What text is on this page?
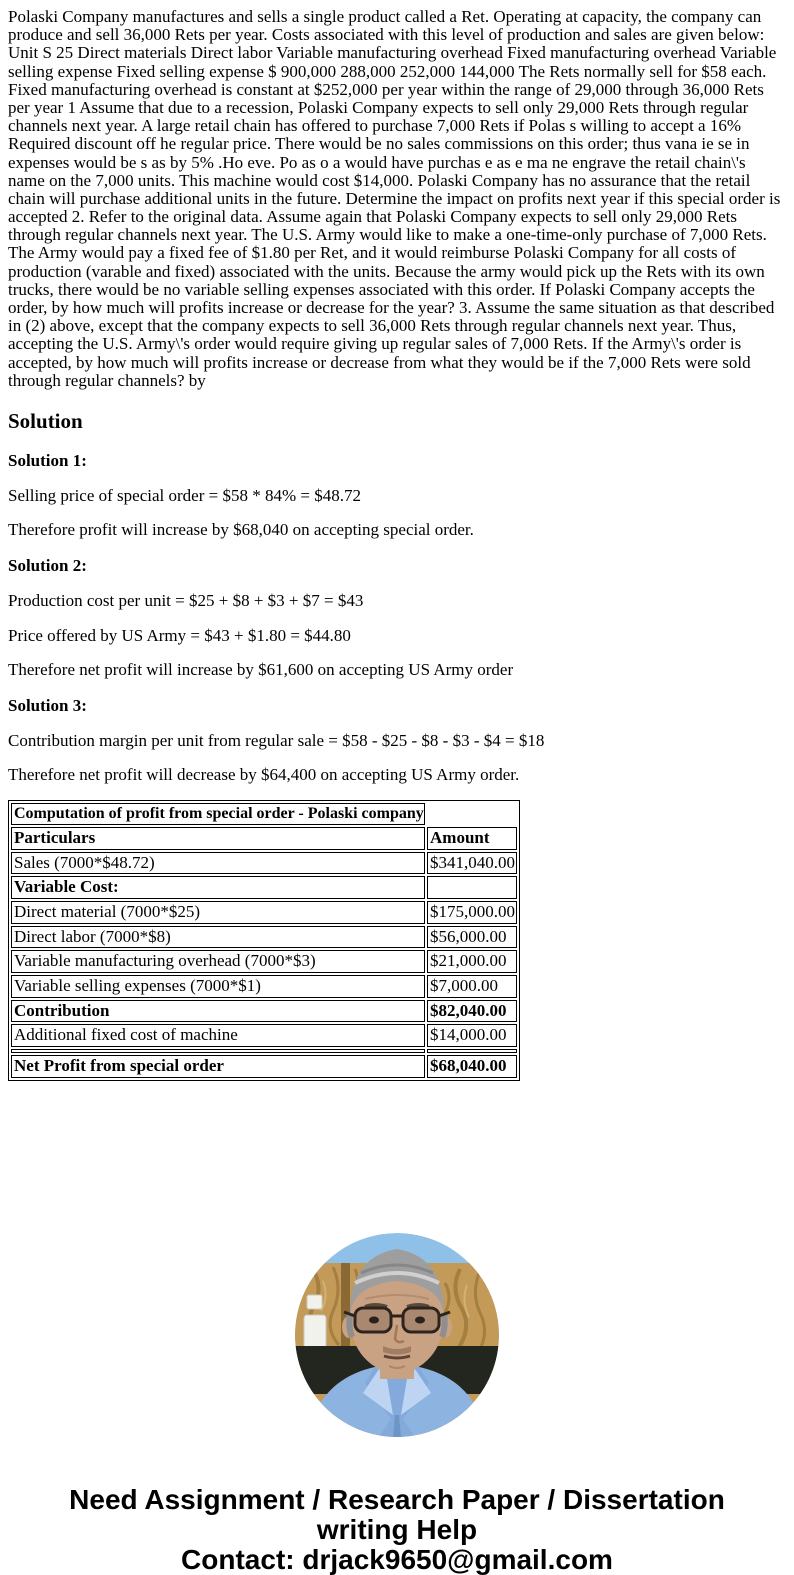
Polaski Company manufactures and sells a single product called a Ret. Operating at capacity, the company can produce and sell 36,000 Rets per year. Costs associated with this level of production and sales are given below: Unit S 25 Direct materials Direct labor Variable manufacturing overhead Fixed manufacturing overhead Variable selling expense Fixed selling expense $ 900,000 288,000 252,000 144,000 The Rets normally sell for $58 each. Fixed manufacturing overhead is constant at $252,000 per year within the range of 29,000 through 36,000 Rets per year 1 Assume that due to a recession, Polaski Company expects to sell only 29,000 Rets through regular channels next year. A large retail chain has offered to purchase 7,000 Rets if Polas s willing to accept a 16% Required discount off he regular price. There would be no sales commissions on this order; thus vana ie se in expenses would be s as by 5% .Ho eve. Po as o a would have purchas e as e ma ne engrave the retail chain\'s name on the 7,000 units. This machine would cost $14,000. Polaski Company has no assurance that the retail chain will purchase additional units in the future. Determine the impact on profits next year if this special order is accepted 2. Refer to the original data. Assume again that Polaski Company expects to sell only 29,000 Rets through regular channels next year. The U.S. Army would like to make a one-time-only purchase of 7,000 Rets. The Army would pay a fixed fee of $1.80 per Ret, and it would reimburse Polaski Company for all costs of production (varable and fixed) associated with the units. Because the army would pick up the Rets with its own trucks, there would be no variable selling expenses associated with this order. If Polaski Company accepts the order, by how much will profits increase or decrease for the year? 3. Assume the same situation as that described in (2) above, except that the company expects to sell 36,000 Rets through regular channels next year. Thus, accepting the U.S. Army\'s order would require giving up regular sales of 7,000 Rets. If the Army\'s order is accepted, by how much will profits increase or decrease from what they would be if the 7,000 Rets were sold through regular channels? by
Solution
Solution 1:

Selling price of special order = $58 * 84% = $48.72

Therefore profit will increase by $68,040 on accepting special order.

Solution 2:

Production cost per unit = $25 + $8 + $3 + $7 = $43

Price offered by US Army = $43 + $1.80 = $44.80

Therefore net profit will increase by $61,600 on accepting US Army order

Solution 3:

Contribution margin per unit from regular sale = $58 - $25 - $8 - $3 - $4 = $18

Therefore net profit will decrease by $64,400 on accepting US Army order.

Computation of profit from special order - Polaski company	
Particulars	Amount
Sales (7000*$48.72)	$341,040.00
Variable Cost:	
Direct material (7000*$25)	$175,000.00
Direct labor (7000*$8)	$56,000.00
Variable manufacturing overhead (7000*$3)	$21,000.00
Variable selling expenses (7000*$1)	$7,000.00
Contribution	$82,040.00
Additional fixed cost of machine	$14,000.00

Net Profit from special order	$68,040.00
Need Assignment / Research Paper / Dissertation
writing Help
Contact: drjack9650@gmail.com
